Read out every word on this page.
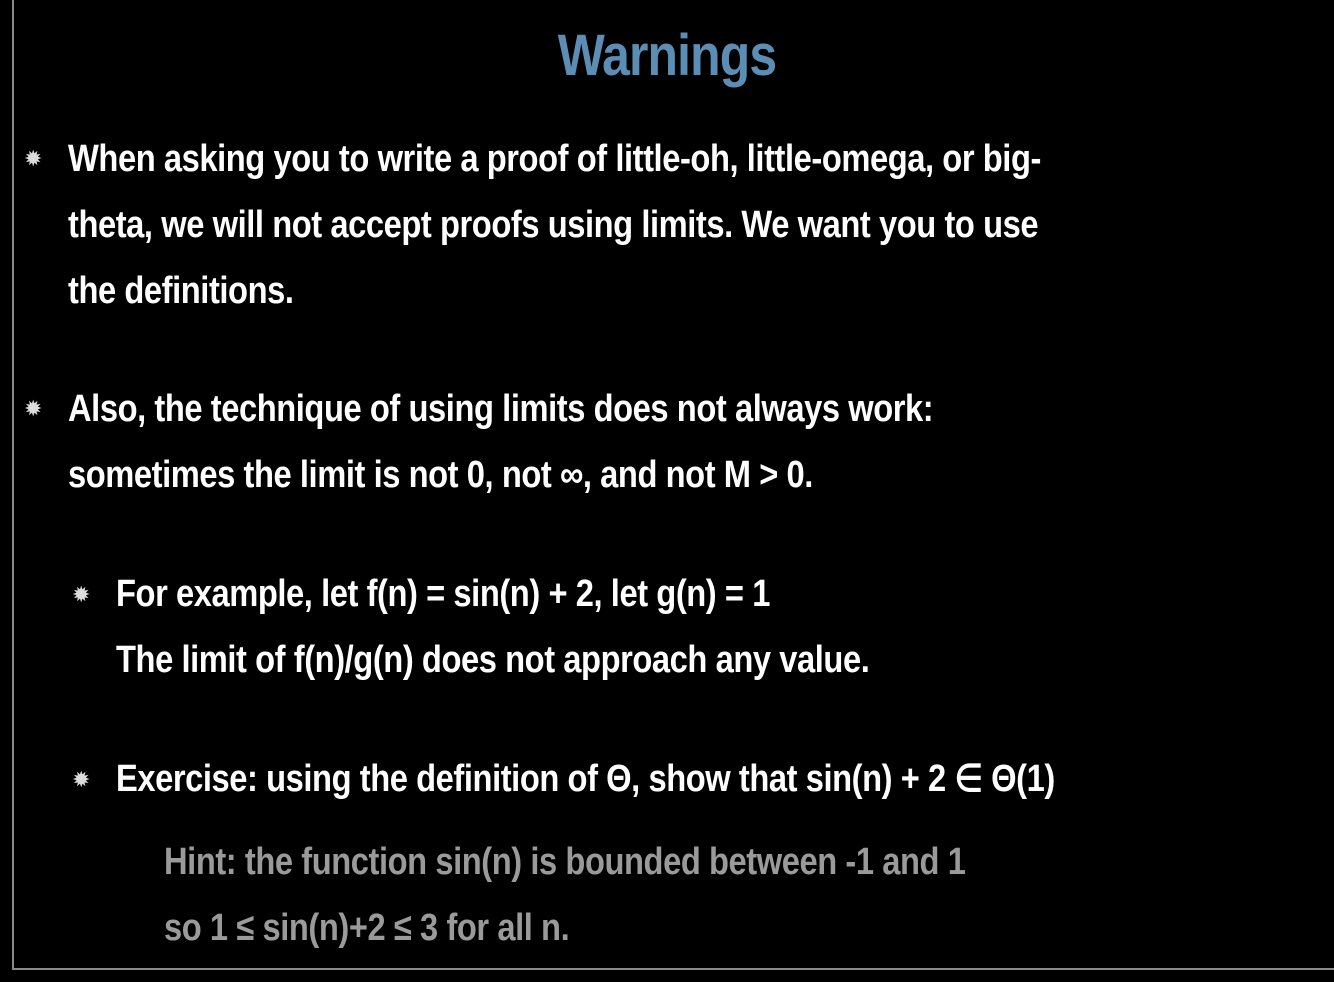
Warnings
✹ When asking you to write a proof of little-oh, little-omega, or big-
theta, we will not accept proofs using limits. We want you to use
the definitions.
✹ Also, the technique of using limits does not always work:
sometimes the limit is not 0, not ∞, and not M > 0.
✹ For example, let f(n) = sin(n) + 2, let g(n) = 1
The limit of f(n)/g(n) does not approach any value.
✹ Exercise: using the definition of Θ, show that sin(n) + 2 ∈ Θ(1)
Hint: the function sin(n) is bounded between -1 and 1
so 1 ≤ sin(n)+2 ≤ 3 for all n.
